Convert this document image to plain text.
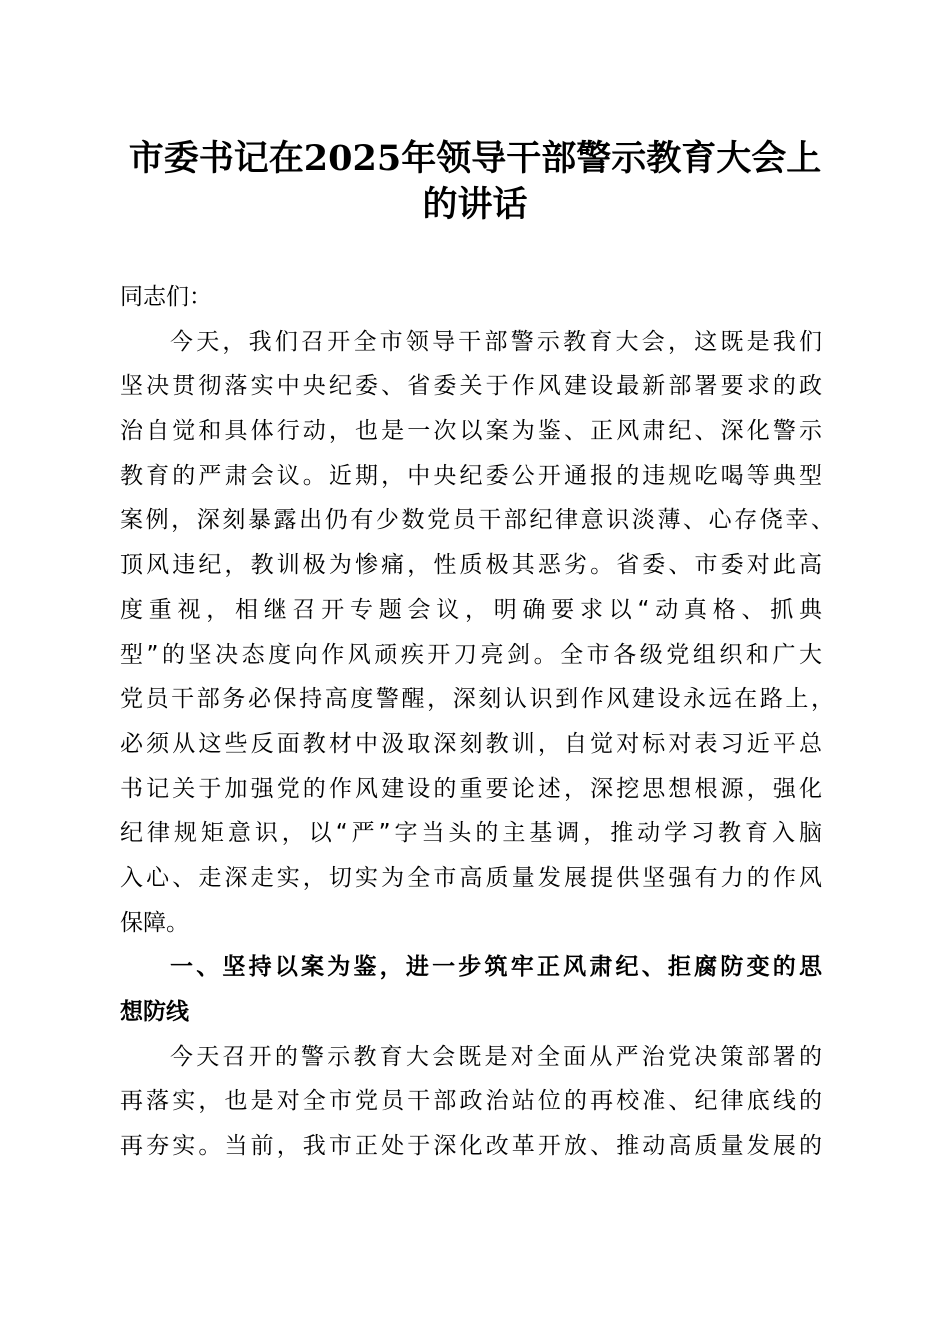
市委书记在2025年领导干部警示教育大会上
的讲话
同志们：
今天，我们召开全市领导干部警示教育大会，这既是我们
坚决贯彻落实中央纪委、省委关于作风建设最新部署要求的政
治自觉和具体行动，也是一次以案为鉴、正风肃纪、深化警示
教育的严肃会议。近期，中央纪委公开通报的违规吃喝等典型
案例，深刻暴露出仍有少数党员干部纪律意识淡薄、心存侥幸、
顶风违纪，教训极为惨痛，性质极其恶劣。省委、市委对此高
度重视，相继召开专题会议，明确要求以“动真格、抓典
型”的坚决态度向作风顽疾开刀亮剑。全市各级党组织和广大
党员干部务必保持高度警醒，深刻认识到作风建设永远在路上，
必须从这些反面教材中汲取深刻教训，自觉对标对表习近平总
书记关于加强党的作风建设的重要论述，深挖思想根源，强化
纪律规矩意识，以“严”字当头的主基调，推动学习教育入脑
入心、走深走实，切实为全市高质量发展提供坚强有力的作风
保障。
一、坚持以案为鉴，进一步筑牢正风肃纪、拒腐防变的思
想防线
今天召开的警示教育大会既是对全面从严治党决策部署的
再落实，也是对全市党员干部政治站位的再校准、纪律底线的
再夯实。当前，我市正处于深化改革开放、推动高质量发展的
